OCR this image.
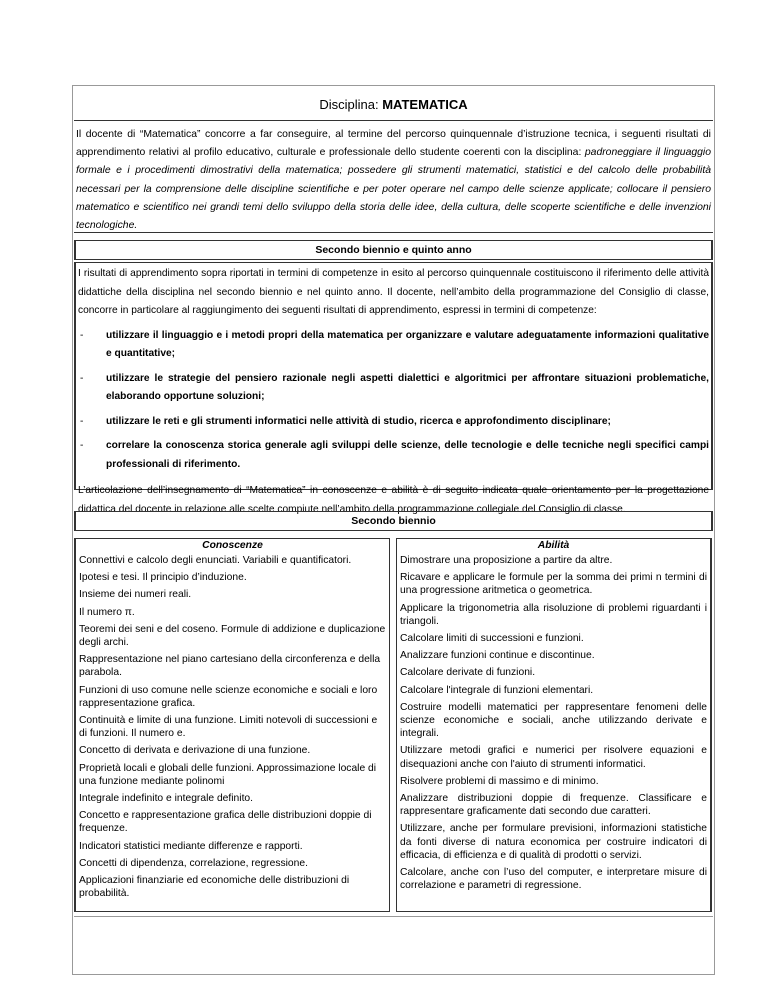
Disciplina: MATEMATICA
Il docente di “Matematica” concorre a far conseguire, al termine del percorso quinquennale d’istruzione tecnica, i seguenti risultati di apprendimento relativi al profilo educativo, culturale e professionale dello studente coerenti con la disciplina: padroneggiare il linguaggio formale e i procedimenti dimostrativi della matematica; possedere gli strumenti matematici, statistici e del calcolo delle probabilità necessari per la comprensione delle discipline scientifiche e per poter operare nel campo delle scienze applicate; collocare il pensiero matematico e scientifico nei grandi temi dello sviluppo della storia delle idee, della cultura, delle scoperte scientifiche e delle invenzioni tecnologiche.
Secondo biennio e quinto anno

I risultati di apprendimento sopra riportati in termini di competenze in esito al percorso quinquennale costituiscono il riferimento delle attività didattiche della disciplina nel secondo biennio e nel quinto anno. Il docente, nell’ambito della programmazione del Consiglio di classe, concorre in particolare al raggiungimento dei seguenti risultati di apprendimento, espressi in termini di competenze:

- utilizzare il linguaggio e i metodi propri della matematica per organizzare e valutare adeguatamente informazioni qualitative e quantitative;
- utilizzare le strategie del pensiero razionale negli aspetti dialettici e algoritmici per affrontare situazioni problematiche, elaborando opportune soluzioni;
- utilizzare le reti e gli strumenti informatici nelle attività di studio, ricerca e approfondimento disciplinare;
- correlare la conoscenza storica generale agli sviluppi delle scienze, delle tecnologie e delle tecniche negli specifici campi professionali di riferimento.

L’articolazione dell’insegnamento di “Matematica” in conoscenze e abilità è di seguito indicata quale orientamento per la progettazione didattica del docente in relazione alle scelte compiute nell’ambito della programmazione collegiale del Consiglio di classe.

Secondo biennio
Conoscenze
Connettivi e calcolo degli enunciati. Variabili e quantificatori.
Ipotesi e tesi. Il principio d’induzione.
Insieme dei numeri reali.
Il numero π.
Teoremi dei seni e del coseno. Formule di addizione e duplicazione degli archi.
Rappresentazione nel piano cartesiano della circonferenza e della parabola.
Funzioni di uso comune nelle scienze economiche e sociali e loro rappresentazione grafica.
Continuità e limite di una funzione. Limiti notevoli di successioni e di funzioni. Il numero e.
Concetto di derivata e derivazione di una funzione.
Proprietà locali e globali delle funzioni. Approssimazione locale di una funzione mediante polinomi
Integrale indefinito e integrale definito.
Concetto e rappresentazione grafica delle distribuzioni doppie di frequenze.
Indicatori statistici mediante differenze e rapporti.
Concetti di dipendenza, correlazione, regressione.
Applicazioni finanziarie ed economiche delle distribuzioni di probabilità.
Abilità
Dimostrare una proposizione a partire da altre.
Ricavare e applicare le formule per la somma dei primi n termini di una progressione aritmetica o geometrica.
Applicare la trigonometria alla risoluzione di problemi riguardanti i triangoli.
Calcolare limiti di successioni e funzioni.
Analizzare funzioni continue e discontinue.
Calcolare derivate di funzioni.
Calcolare l'integrale di funzioni elementari.
Costruire modelli matematici per rappresentare fenomeni delle scienze economiche e sociali, anche utilizzando derivate e integrali.
Utilizzare metodi grafici e numerici per risolvere equazioni e disequazioni anche con l'aiuto di strumenti informatici.
Risolvere problemi di massimo e di minimo.
Analizzare distribuzioni doppie di frequenze. Classificare e rappresentare graficamente dati secondo due caratteri.
Utilizzare, anche per formulare previsioni, informazioni statistiche da fonti diverse di natura economica per costruire indicatori di efficacia, di efficienza e di qualità di prodotti o servizi.
Calcolare, anche con l’uso del computer, e interpretare misure di correlazione e parametri di regressione.
